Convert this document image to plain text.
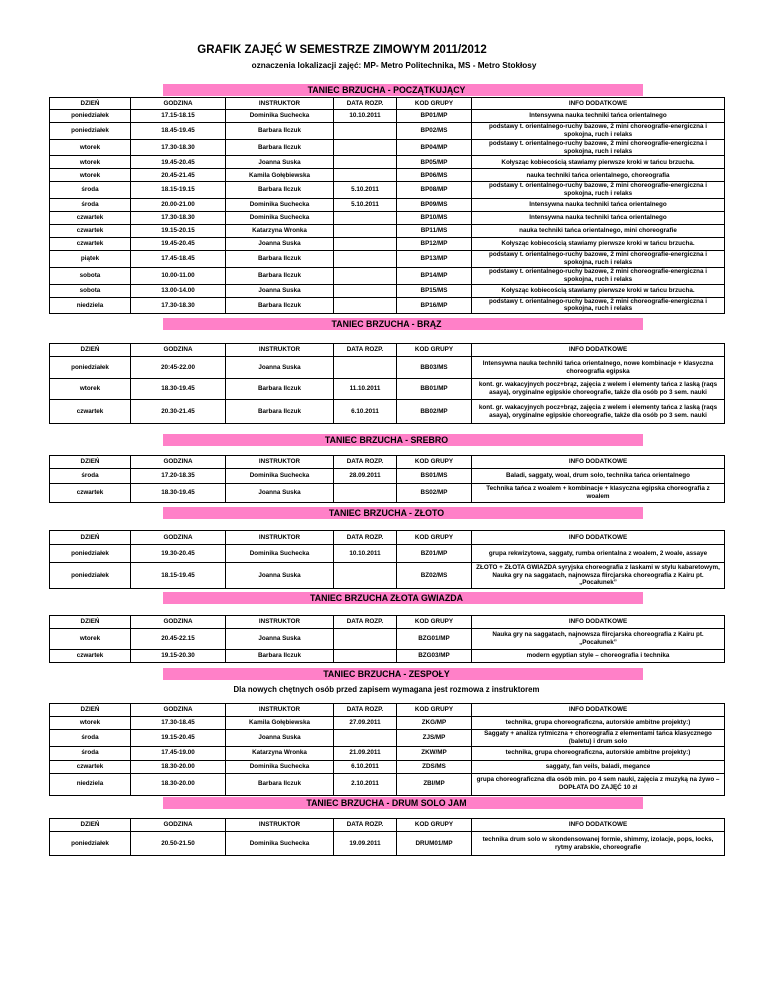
GRAFIK ZAJĘĆ W SEMESTRZE ZIMOWYM 2011/2012
oznaczenia lokalizacji zajęć: MP- Metro Politechnika, MS - Metro Stokłosy
TANIEC BRZUCHA - POCZĄTKUJĄCY
DZIEŃ	GODZINA	INSTRUKTOR	DATA ROZP.	KOD GRUPY	INFO DODATKOWE
poniedziałek	17.15-18.15	Dominika Suchecka	10.10.2011	BP01/MP	Intensywna nauka techniki tańca orientalnego
poniedziałek	18.45-19.45	Barbara Ilczuk		BP02/MS	podstawy t. orientalnego-ruchy bazowe, 2 mini choreografie-energiczna i spokojna, ruch i relaks
wtorek	17.30-18.30	Barbara Ilczuk		BP04/MP	podstawy t. orientalnego-ruchy bazowe, 2 mini choreografie-energiczna i spokojna, ruch i relaks
wtorek	19.45-20.45	Joanna Suska		BP05/MP	Kołysząc kobiecością stawiamy pierwsze kroki w tańcu brzucha.
wtorek	20.45-21.45	Kamila Gołębiewska		BP06/MS	nauka techniki tańca orientalnego, choreografia
środa	18.15-19.15	Barbara Ilczuk	5.10.2011	BP08/MP	podstawy t. orientalnego-ruchy bazowe, 2 mini choreografie-energiczna i spokojna, ruch i relaks
środa	20.00-21.00	Dominika Suchecka	5.10.2011	BP09/MS	Intensywna nauka techniki tańca orientalnego
czwartek	17.30-18.30	Dominika Suchecka		BP10/MS	Intensywna nauka techniki tańca orientalnego
czwartek	19.15-20.15	Katarzyna Wronka		BP11/MS	nauka techniki tańca orientalnego, mini choreografie
czwartek	19.45-20.45	Joanna Suska		BP12/MP	Kołysząc kobiecością stawiamy pierwsze kroki w tańcu brzucha.
piątek	17.45-18.45	Barbara Ilczuk		BP13/MP	podstawy t. orientalnego-ruchy bazowe, 2 mini choreografie-energiczna i spokojna, ruch i relaks
sobota	10.00-11.00	Barbara Ilczuk		BP14/MP	podstawy t. orientalnego-ruchy bazowe, 2 mini choreografie-energiczna i spokojna, ruch i relaks
sobota	13.00-14.00	Joanna Suska		BP15/MS	Kołysząc kobiecością stawiamy pierwsze kroki w tańcu brzucha.
niedziela	17.30-18.30	Barbara Ilczuk		BP16/MP	podstawy t. orientalnego-ruchy bazowe, 2 mini choreografie-energiczna i spokojna, ruch i relaks
TANIEC BRZUCHA - BRĄZ
DZIEŃ	GODZINA	INSTRUKTOR	DATA ROZP.	KOD GRUPY	INFO DODATKOWE
poniedziałek	20:45-22.00	Joanna Suska		BB03/MS	Intensywna nauka techniki tańca orientalnego, nowe kombinacje + klasyczna choreografia egipska
wtorek	18.30-19.45	Barbara Ilczuk	11.10.2011	BB01/MP	kont. gr. wakacyjnych pocz+brąz, zajęcia z welem i elementy tańca z laską (raqs asaya), oryginalne egipskie choreografie, także dla osób po 3 sem. nauki
czwartek	20.30-21.45	Barbara Ilczuk	6.10.2011	BB02/MP	kont. gr. wakacyjnych pocz+brąz, zajęcia z welem i elementy tańca z laską (raqs asaya), oryginalne egipskie choreografie, także dla osób po 3 sem. nauki
TANIEC BRZUCHA - SREBRO
DZIEŃ	GODZINA	INSTRUKTOR	DATA ROZP.	KOD GRUPY	INFO DODATKOWE
środa	17.20-18.35	Dominika Suchecka	28.09.2011	BS01/MS	Baladi, saggaty, woal, drum solo, technika tańca orientalnego
czwartek	18.30-19.45	Joanna Suska		BS02/MP	Technika tańca z woalem + kombinacje + klasyczna egipska choreografia z woalem
TANIEC BRZUCHA - ZŁOTO
DZIEŃ	GODZINA	INSTRUKTOR	DATA ROZP.	KOD GRUPY	INFO DODATKOWE
poniedziałek	19.30-20.45	Dominika Suchecka	10.10.2011	BZ01/MP	grupa rekwizytowa, saggaty, rumba orientalna z woalem, 2 woale, assaye
poniedziałek	18.15-19.45	Joanna Suska		BZ02/MS	ZŁOTO + ZŁOTA GWIAZDA syryjska choreografia z laskami w stylu kabaretowym, Nauka gry na saggatach, najnowsza flircjarska choreografia z Kairu pt. „Pocałunek”
TANIEC BRZUCHA ZŁOTA GWIAZDA
DZIEŃ	GODZINA	INSTRUKTOR	DATA ROZP.	KOD GRUPY	INFO DODATKOWE
wtorek	20.45-22.15	Joanna Suska		BZG01/MP	Nauka gry na saggatach, najnowsza flircjarska choreografia z Kairu pt. „Pocałunek”
czwartek	19.15-20.30	Barbara Ilczuk		BZG03/MP	modern egyptian style – choreografia i technika
TANIEC BRZUCHA - ZESPOŁY
Dla nowych chętnych osób przed zapisem wymagana jest rozmowa z instruktorem
DZIEŃ	GODZINA	INSTRUKTOR	DATA ROZP.	KOD GRUPY	INFO DODATKOWE
wtorek	17.30-18.45	Kamila Gołębiewska	27.09.2011	ZKG/MP	technika, grupa choreograficzna, autorskie ambitne projekty:)
środa	19.15-20.45	Joanna Suska		ZJS/MP	Saggaty + analiza rytmiczna + choreografia z elementami tańca klasycznego (baletu) i drum solo
środa	17.45-19.00	Katarzyna Wronka	21.09.2011	ZKW/MP	technika, grupa choreograficzna, autorskie ambitne projekty:)
czwartek	18.30-20.00	Dominika Suchecka	6.10.2011	ZDS/MS	saggaty, fan veils, baladi, megance
niedziela	18.30-20.00	Barbara Ilczuk	2.10.2011	ZBI/MP	grupa choreograficzna dla osób min. po 4 sem nauki, zajęcia z muzyką na żywo – DOPŁATA DO ZAJĘĆ 10 zł
TANIEC BRZUCHA - DRUM SOLO JAM
DZIEŃ	GODZINA	INSTRUKTOR	DATA ROZP.	KOD GRUPY	INFO DODATKOWE
poniedziałek	20.50-21.50	Dominika Suchecka	19.09.2011	DRUM01/MP	technika drum solo w skondensowanej formie, shimmy, izolacje, pops, locks, rytmy arabskie, choreografie
